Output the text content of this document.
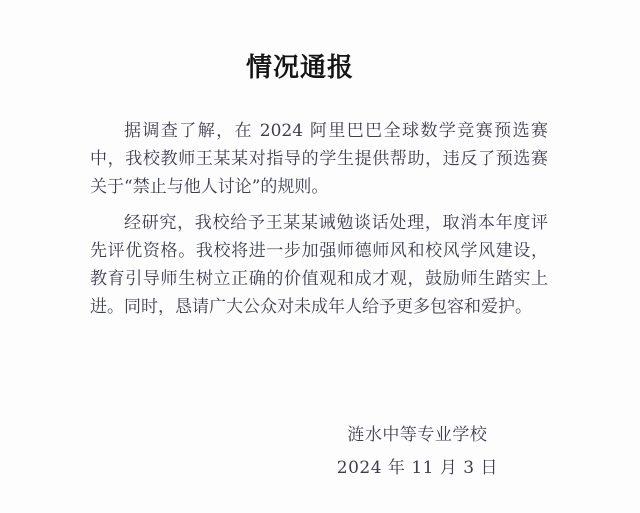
情况通报

据调查了解，在 2024 阿里巴巴全球数学竞赛预选赛中，我校教师王某某对指导的学生提供帮助，违反了预选赛关于“禁止与他人讨论”的规则。

经研究，我校给予王某某诫勉谈话处理，取消本年度评先评优资格。我校将进一步加强师德师风和校风学风建设，教育引导师生树立正确的价值观和成才观，鼓励师生踏实上进。同时，恳请广大公众对未成年人给予更多包容和爱护。

涟水中等专业学校
2024 年 11 月 3 日
